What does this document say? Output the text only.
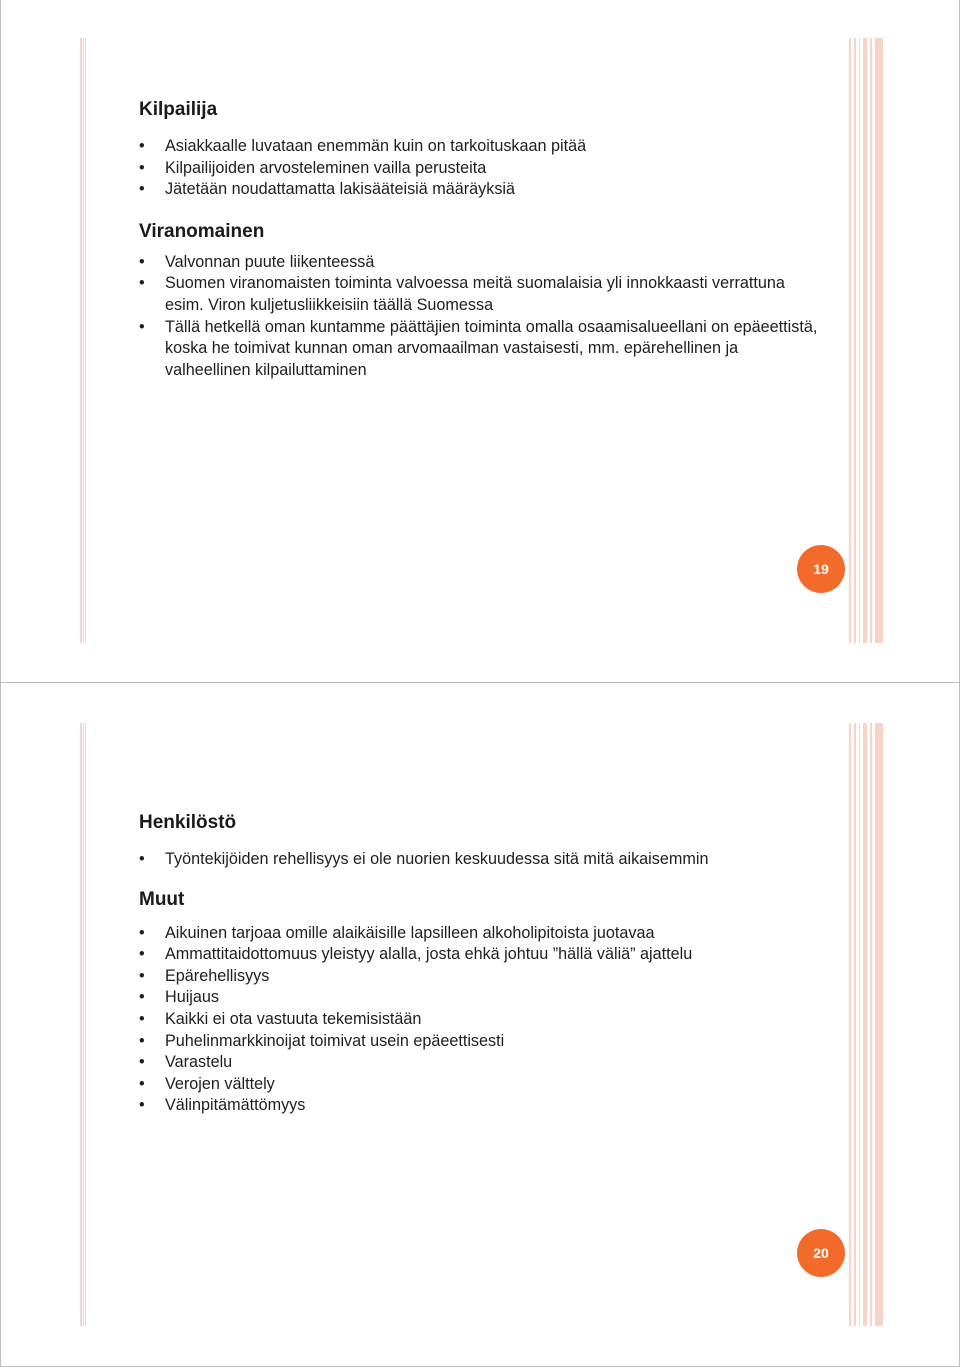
Kilpailija
• Asiakkaalle luvataan enemmän kuin on tarkoituskaan pitää
• Kilpailijoiden arvosteleminen vailla perusteita
• Jätetään noudattamatta lakisääteisiä määräyksiä
Viranomainen
• Valvonnan puute liikenteessä
• Suomen viranomaisten toiminta valvoessa meitä suomalaisia yli innokkaasti verrattuna esim. Viron kuljetusliikkeisiin täällä Suomessa
• Tällä hetkellä oman kuntamme päättäjien toiminta omalla osaamisalueellani on epäeettistä, koska he toimivat kunnan oman arvomaailman vastaisesti, mm. epärehellinen ja valheellinen kilpailuttaminen
19
Henkilöstö
• Työntekijöiden rehellisyys ei ole nuorien keskuudessa sitä mitä aikaisemmin
Muut
• Aikuinen tarjoaa omille alaikäisille lapsilleen alkoholipitoista juotavaa
• Ammattitaidottomuus yleistyy alalla, josta ehkä johtuu ”hällä väliä” ajattelu
• Epärehellisyys
• Huijaus
• Kaikki ei ota vastuuta tekemisistään
• Puhelinmarkkinoijat toimivat usein epäeettisesti
• Varastelu
• Verojen välttely
• Välinpitämättömyys
20
